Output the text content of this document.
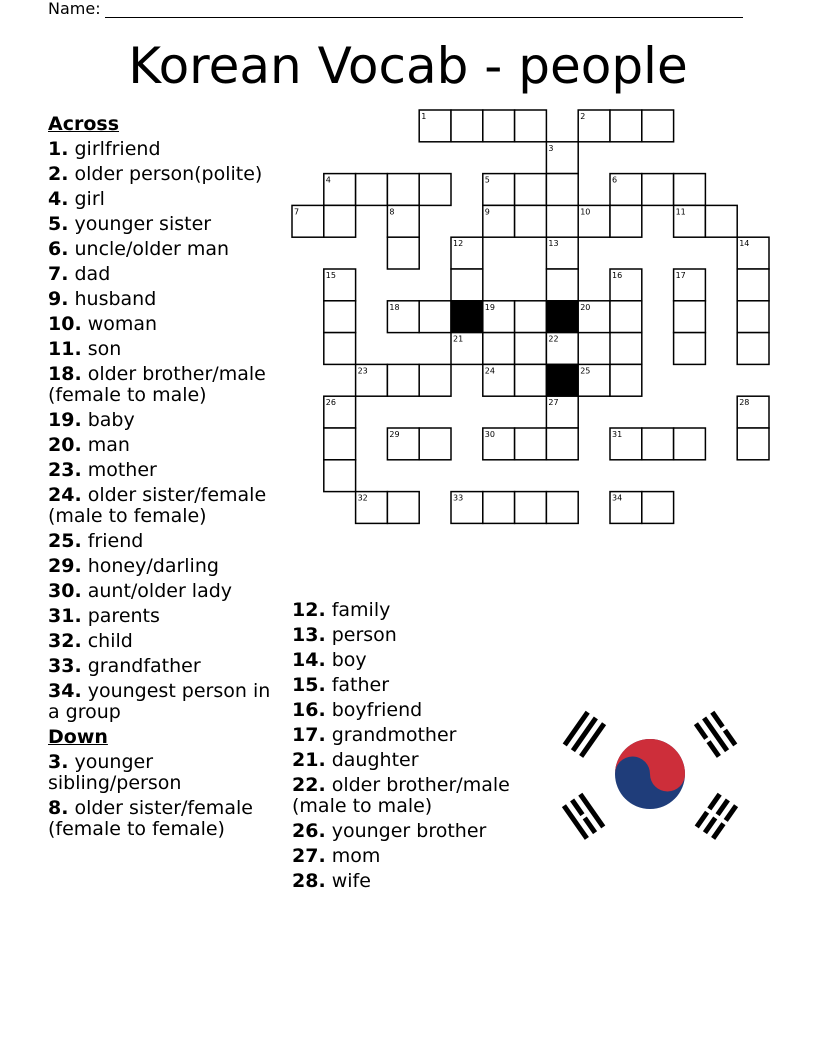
Name:
Korean Vocab - people
Across
1. girlfriend
2. older person(polite)
4. girl
5. younger sister
6. uncle/older man
7. dad
9. husband
10. woman
11. son
18. older brother/male (female to male)
19. baby
20. man
23. mother
24. older sister/female (male to female)
25. friend
29. honey/darling
30. aunt/older lady
31. parents
32. child
33. grandfather
34. youngest person in a group
Down
3. younger sibling/person
8. older sister/female (female to female)
12. family
13. person
14. boy
15. father
16. boyfriend
17. grandmother
21. daughter
22. older brother/male (male to male)
26. younger brother
27. mom
28. wife
1	2
3
4	5	6
7	8	9	10	11
12	13	14
15	16	17
18	19	20
21	22
23	24	25
26	27	28
29	30	31
32	33	34
